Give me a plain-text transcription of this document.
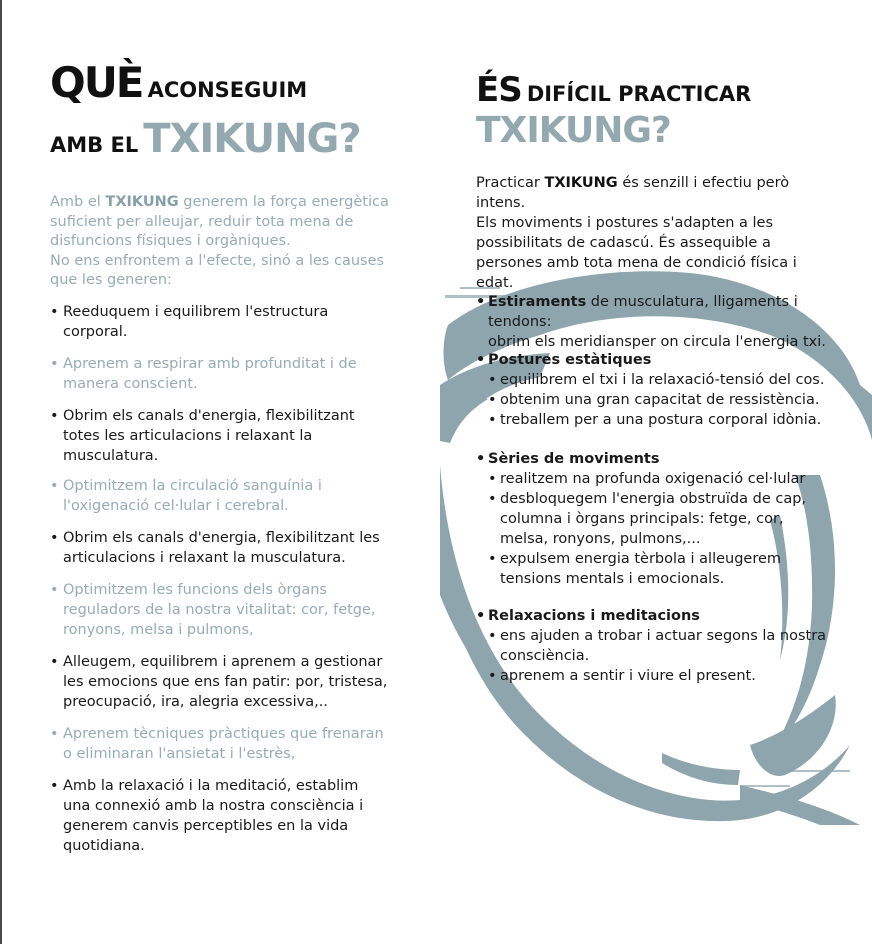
QUÈ ACONSEGUIM
AMB EL TXIKUNG?

Amb el TXIKUNG generem la força energètica suficient per alleujar, reduir tota mena de disfuncions físiques i orgàniques.
No ens enfrontem a l'efecte, sinó a les causes que les generen:

• Reeduquem i equilibrem l'estructura corporal.
• Aprenem a respirar amb profunditat i de manera conscient.
• Obrim els canals d'energia, flexibilitzant totes les articulacions i relaxant la musculatura.
• Optimitzem la circulació sanguínia i l'oxigenació cel·lular i cerebral.
• Obrim els canals d'energia, flexibilitzant les articulacions i relaxant la musculatura.
• Optimitzem les funcions dels òrgans reguladors de la nostra vitalitat: cor, fetge, ronyons, melsa i pulmons,
• Alleugem, equilibrem i aprenem a gestionar les emocions que ens fan patir: por, tristesa, preocupació, ira, alegria excessiva,..
• Aprenem tècniques pràctiques que frenaran o eliminaran l'ansietat i l'estrès,
• Amb la relaxació i la meditació, establim una connexió amb la nostra consciència i generem canvis perceptibles en la vida quotidiana.
ÉS DIFÍCIL PRACTICAR
TXIKUNG?

Practicar TXIKUNG és senzill i efectiu però intens.

Els moviments i postures s'adapten a les possibilitats de cadascú. És assequible a persones amb tota mena de condició física i edat.

• Estiraments de musculatura, lligaments i tendons:
obrim els meridiansper on circula l'energia txi.
• Postures estàtiques
• equilibrem el txi i la relaxació-tensió del cos.
• obtenim una gran capacitat de ressistència.
• treballem per a una postura corporal idònia.
• Sèries de moviments
• realitzem na profunda oxigenació cel·lular
• desbloquegem l'energia obstruïda de cap, columna i òrgans principals: fetge, cor, melsa, ronyons, pulmons,...
• expulsem energia tèrbola i alleugerem tensions mentals i emocionals.
• Relaxacions i meditacions
• ens ajuden a trobar i actuar segons la nostra consciència.
• aprenem a sentir i viure el present.
